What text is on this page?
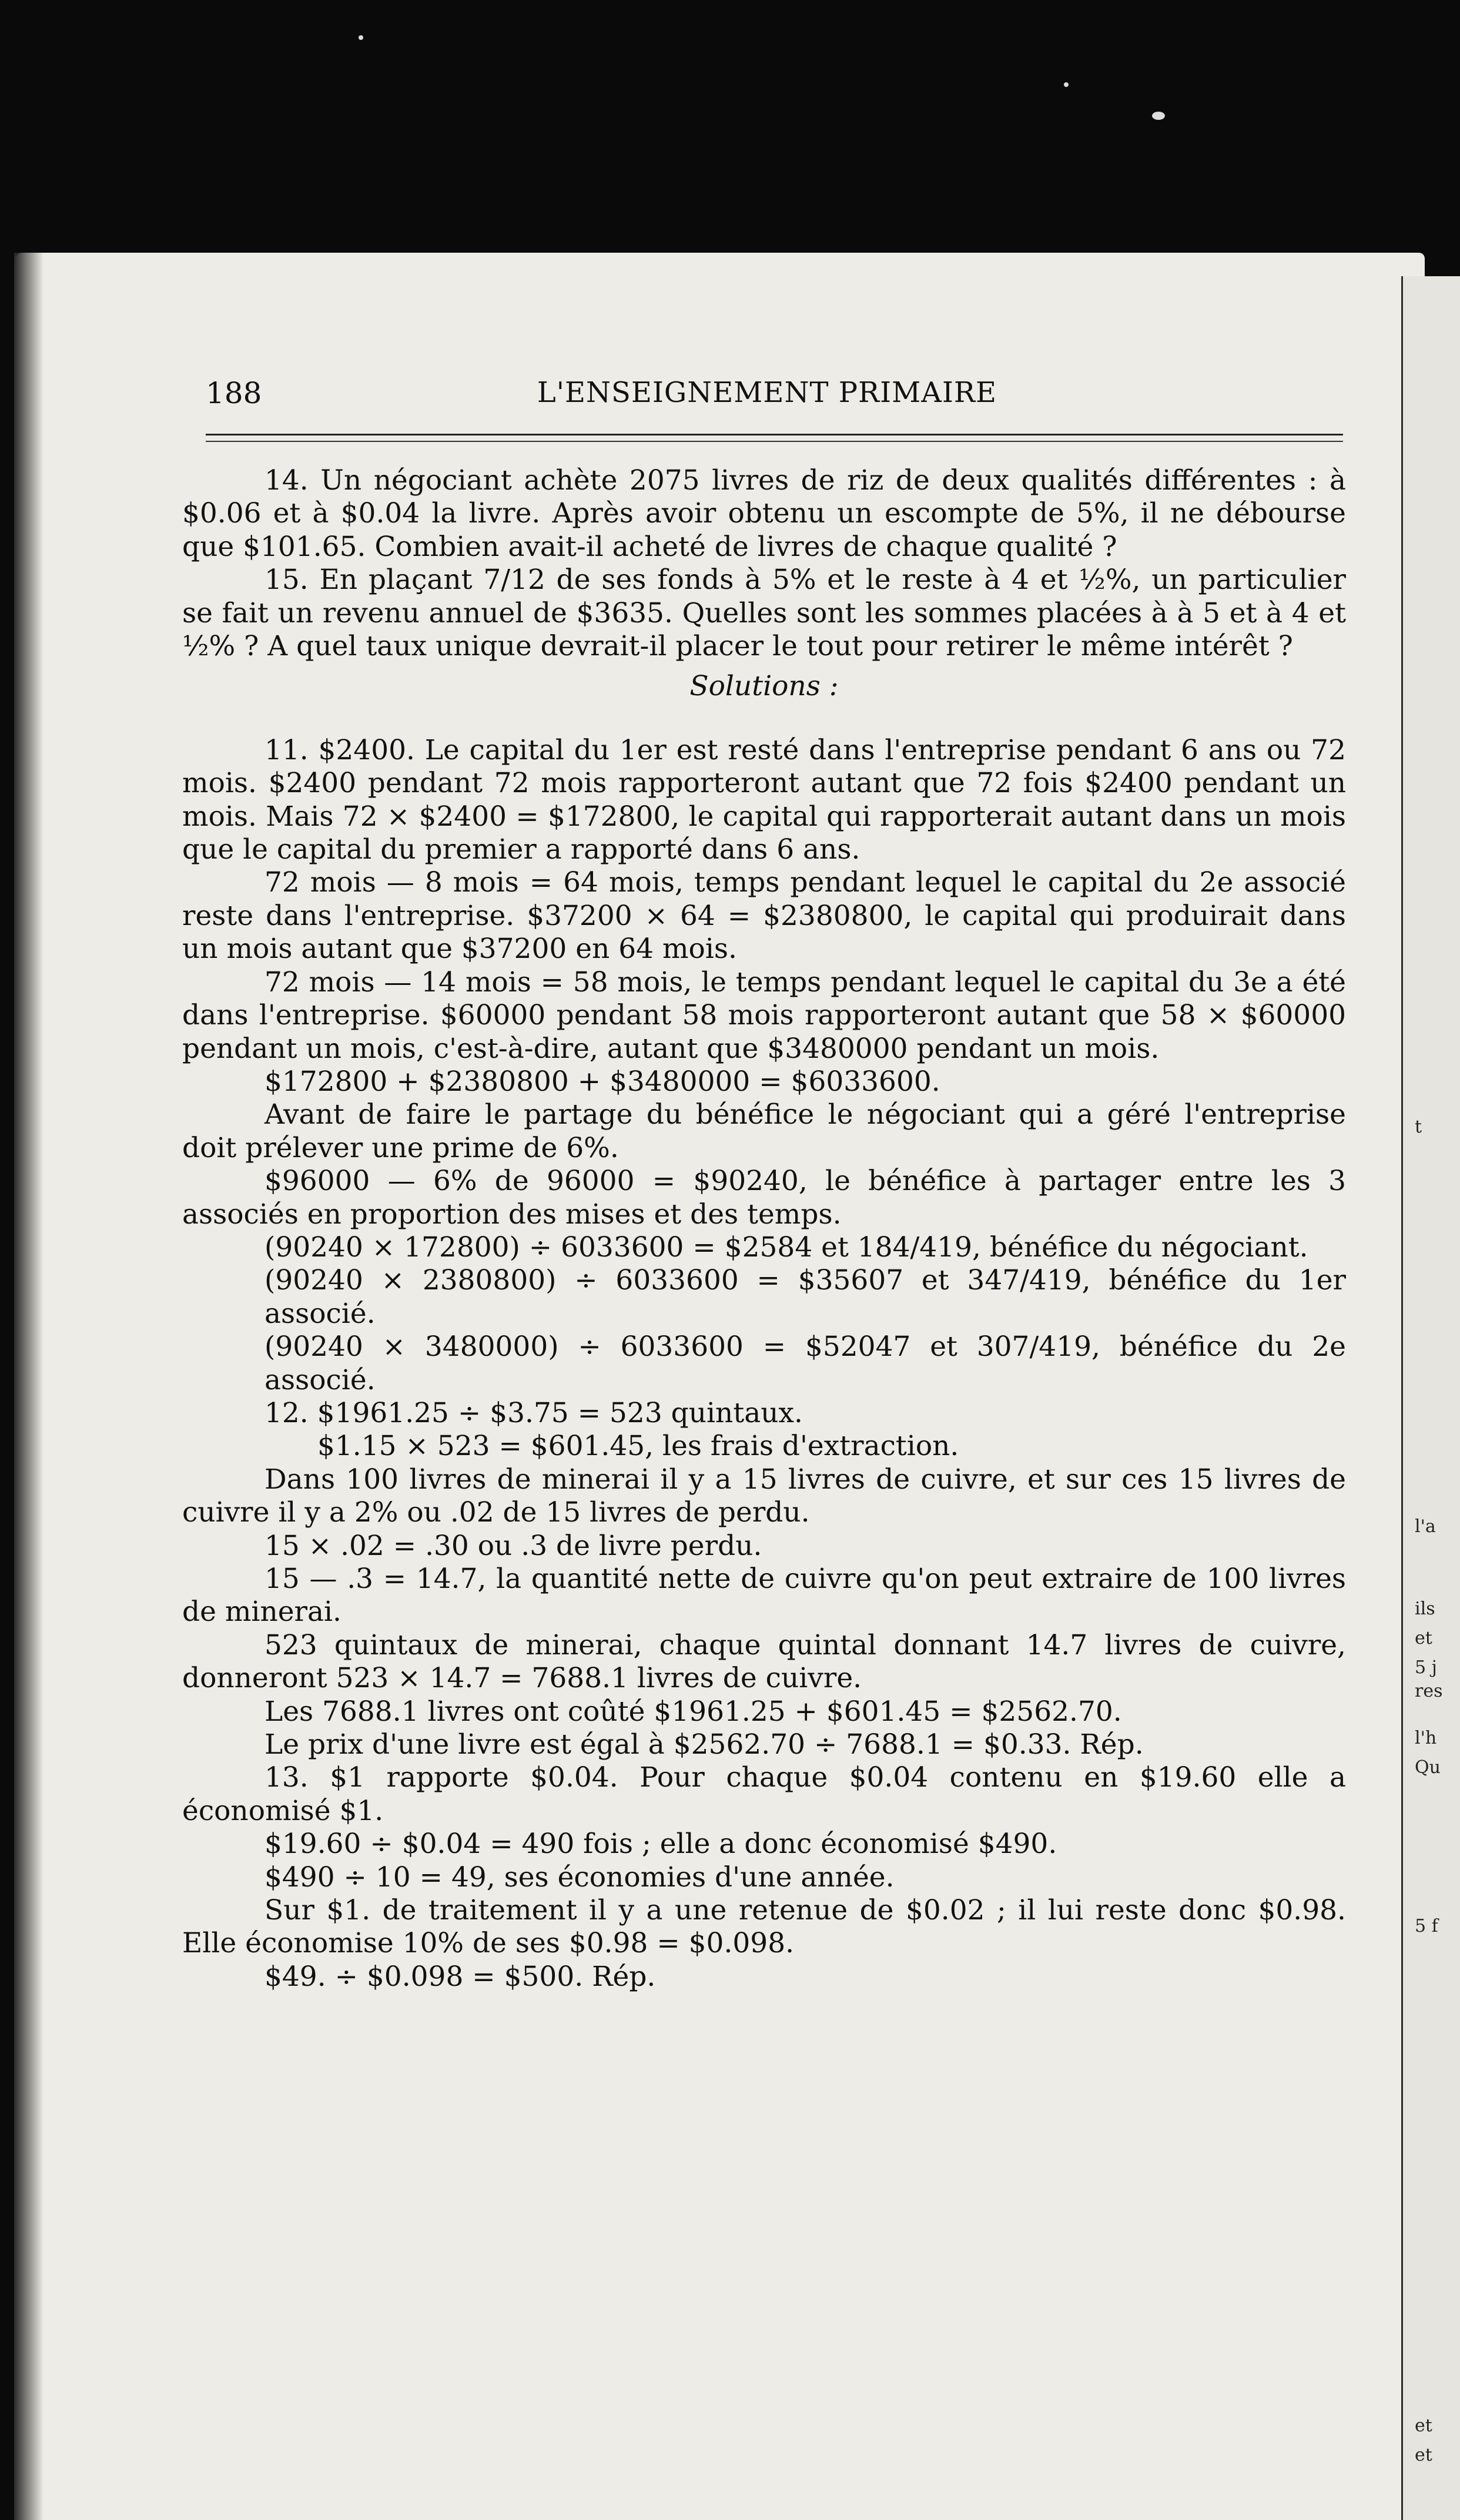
t
l'a
ils
et
5 j
res
l'h
Qu
5 f
et
et
188	L'ENSEIGNEMENT PRIMAIRE

14. Un négociant achète 2075 livres de riz de deux qualités différentes : à $0.06 et à $0.04 la livre. Après avoir obtenu un escompte de 5%, il ne débourse que $101.65. Combien avait-il acheté de livres de chaque qualité ?

15. En plaçant 7/12 de ses fonds à 5% et le reste à 4 et ½%, un particulier se fait un revenu annuel de $3635. Quelles sont les sommes placées à à 5 et à 4 et ½% ? A quel taux unique devrait-il placer le tout pour retirer le même intérêt ?

Solutions :

11. $2400. Le capital du 1er est resté dans l'entreprise pendant 6 ans ou 72 mois. $2400 pendant 72 mois rapporteront autant que 72 fois $2400 pendant un mois. Mais 72 × $2400 = $172800, le capital qui rapporterait autant dans un mois que le capital du premier a rapporté dans 6 ans.

72 mois — 8 mois = 64 mois, temps pendant lequel le capital du 2e associé reste dans l'entreprise. $37200 × 64 = $2380800, le capital qui produirait dans un mois autant que $37200 en 64 mois.

72 mois — 14 mois = 58 mois, le temps pendant lequel le capital du 3e a été dans l'entreprise. $60000 pendant 58 mois rapporteront autant que 58 × $60000 pendant un mois, c'est-à-dire, autant que $3480000 pendant un mois.

$172800 + $2380800 + $3480000 = $6033600.

Avant de faire le partage du bénéfice le négociant qui a géré l'entreprise doit prélever une prime de 6%.

$96000 — 6% de 96000 = $90240, le bénéfice à partager entre les 3 associés en proportion des mises et des temps.

(90240 × 172800) ÷ 6033600 = $2584 et 184/419, bénéfice du négociant.

(90240 × 2380800) ÷ 6033600 = $35607 et 347/419, bénéfice du 1er associé.

(90240 × 3480000) ÷ 6033600 = $52047 et 307/419, bénéfice du 2e associé.

12. $1961.25 ÷ $3.75 = 523 quintaux.

$1.15 × 523 = $601.45, les frais d'extraction.

Dans 100 livres de minerai il y a 15 livres de cuivre, et sur ces 15 livres de cuivre il y a 2% ou .02 de 15 livres de perdu.

15 × .02 = .30 ou .3 de livre perdu.

15 — .3 = 14.7, la quantité nette de cuivre qu'on peut extraire de 100 livres de minerai.

523 quintaux de minerai, chaque quintal donnant 14.7 livres de cuivre, donneront 523 × 14.7 = 7688.1 livres de cuivre.

Les 7688.1 livres ont coûté $1961.25 + $601.45 = $2562.70.

Le prix d'une livre est égal à $2562.70 ÷ 7688.1 = $0.33. Rép.

13. $1 rapporte $0.04. Pour chaque $0.04 contenu en $19.60 elle a économisé $1.

$19.60 ÷ $0.04 = 490 fois ; elle a donc économisé $490.

$490 ÷ 10 = 49, ses économies d'une année.

Sur $1. de traitement il y a une retenue de $0.02 ; il lui reste donc $0.98. Elle économise 10% de ses $0.98 = $0.098.

$49. ÷ $0.098 = $500. Rép.
